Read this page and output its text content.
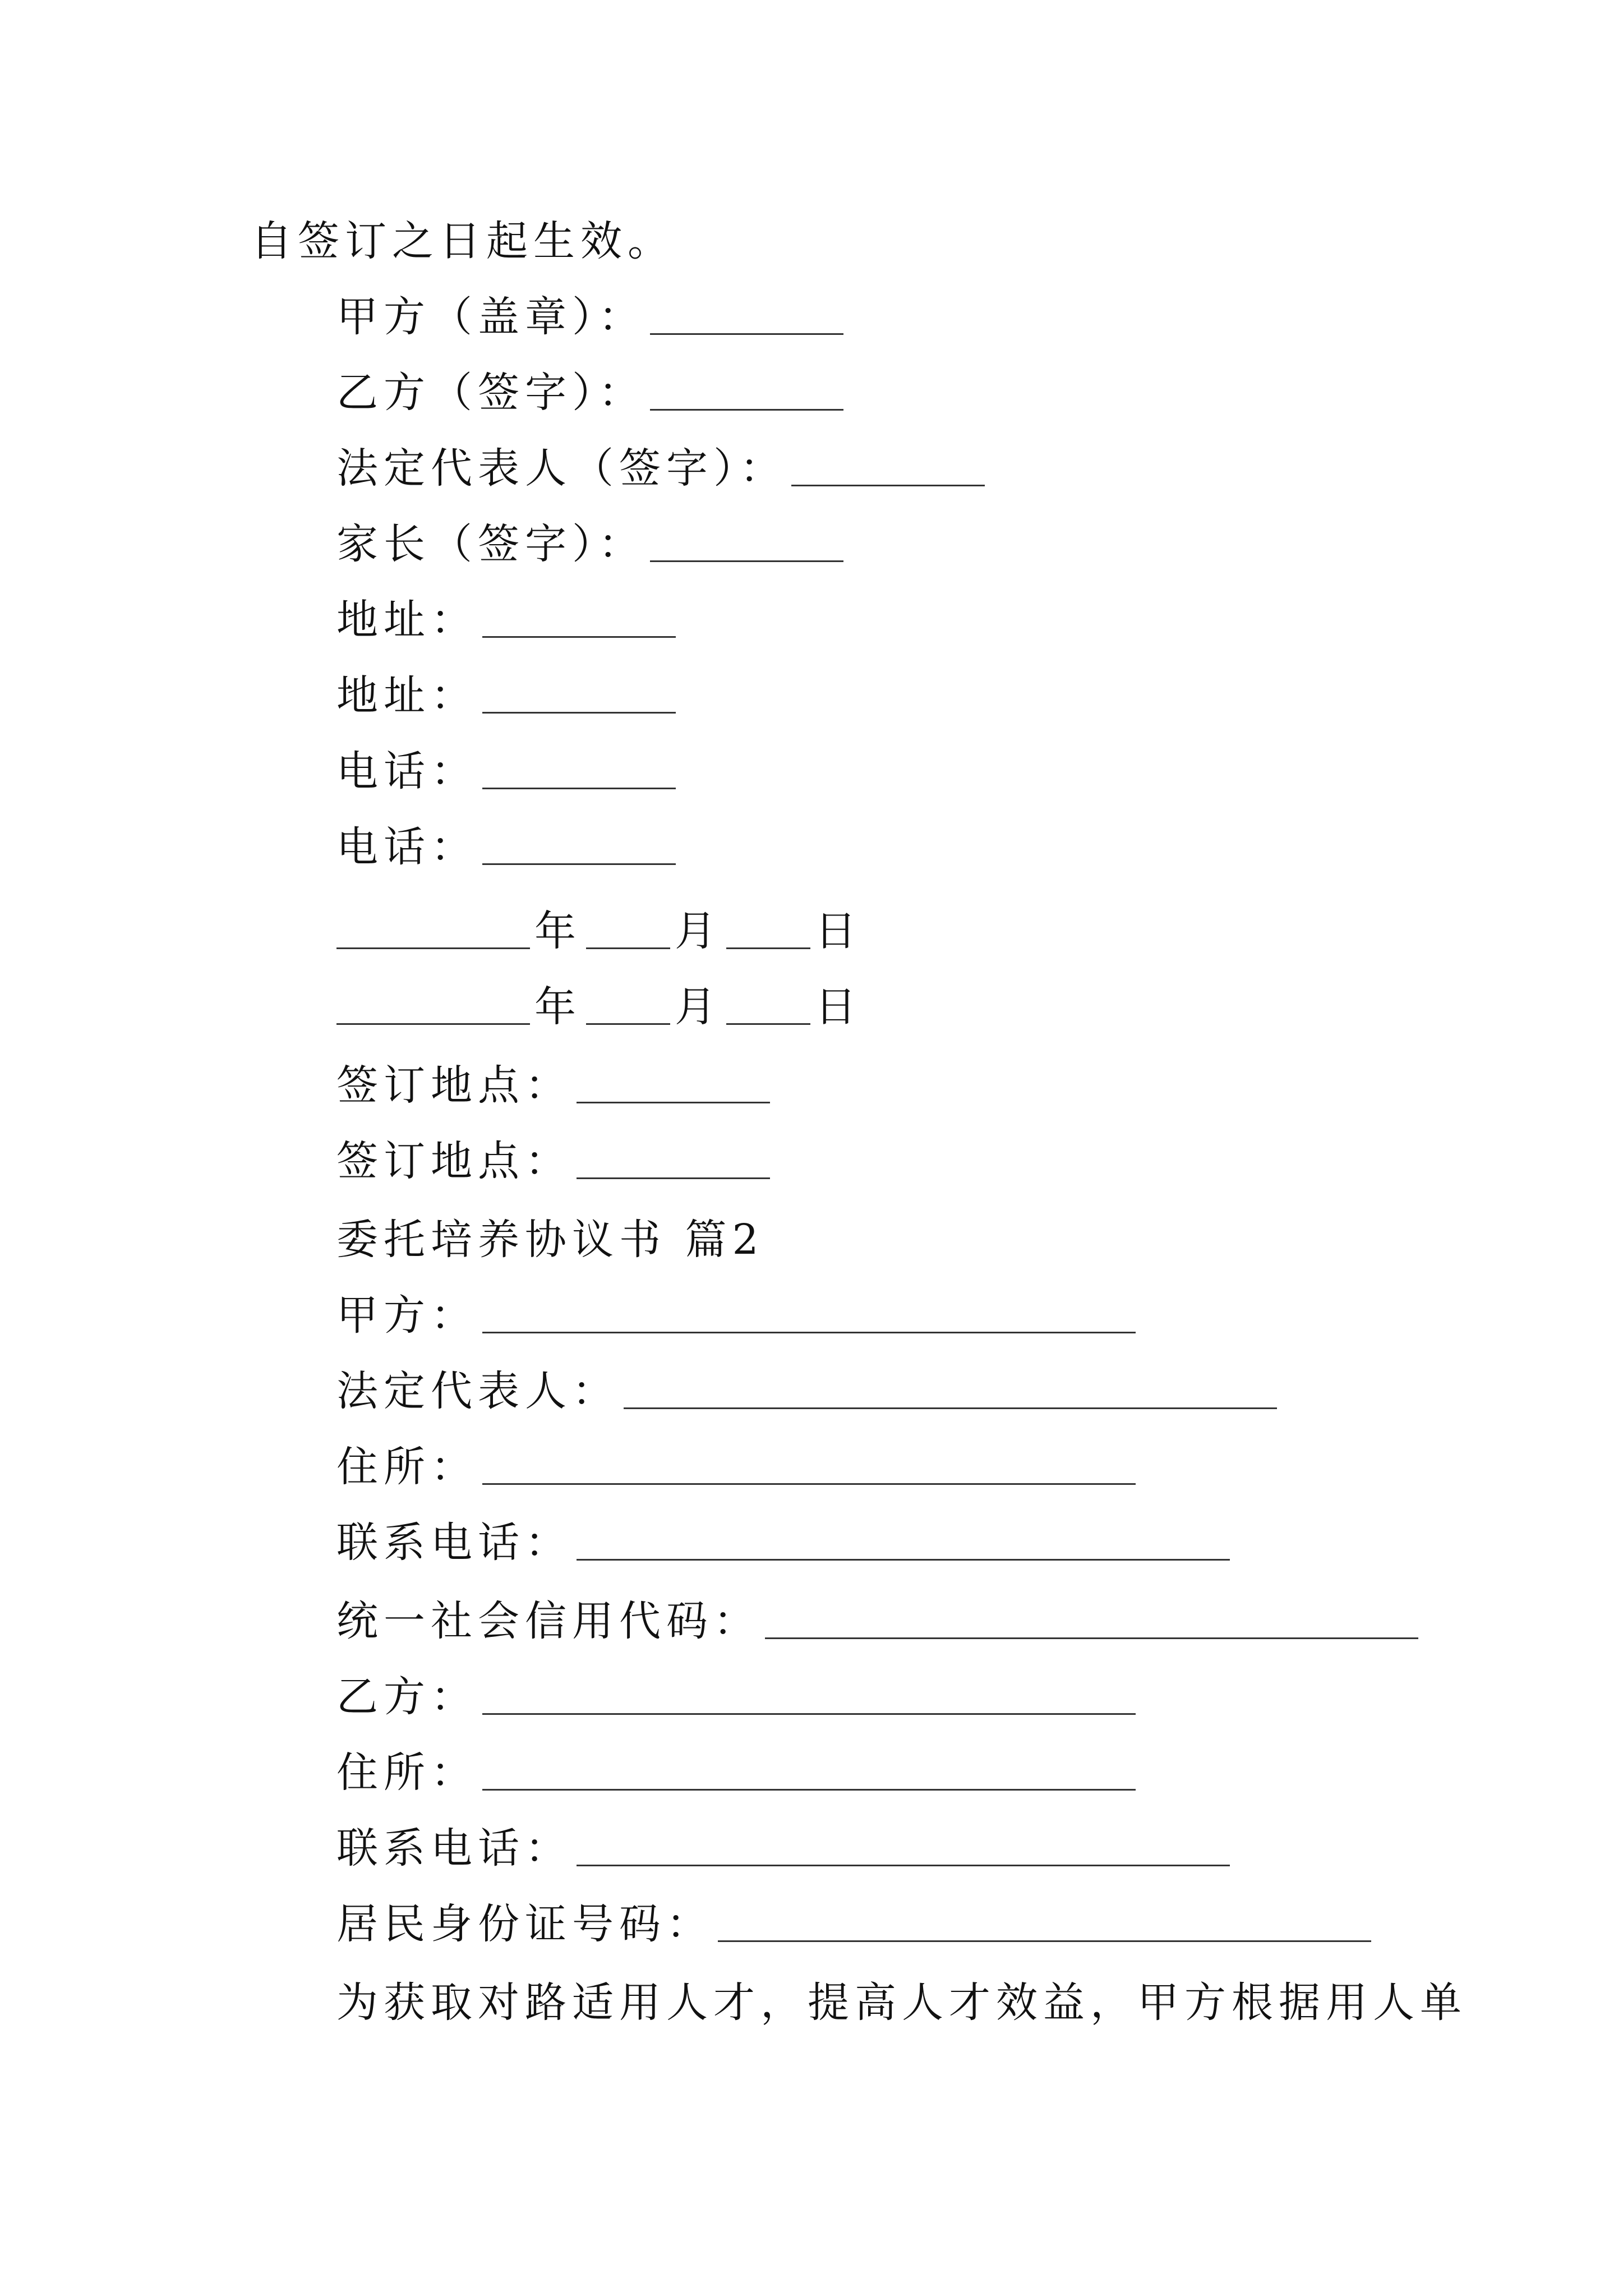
自签订之日起生效。
甲方（盖章）：
乙方（签字）：
法定代表人（签字）：
家长（签字）：
地址：
地址：
电话：
电话：
年 月 日
年 月 日
签订地点：
签订地点：
委托培养协议书 篇2
甲方：
法定代表人：
住所：
联系电话：
统一社会信用代码：
乙方：
住所：
联系电话：
居民身份证号码：
为获取对路适用人才，提高人才效益，甲方根据用人单
